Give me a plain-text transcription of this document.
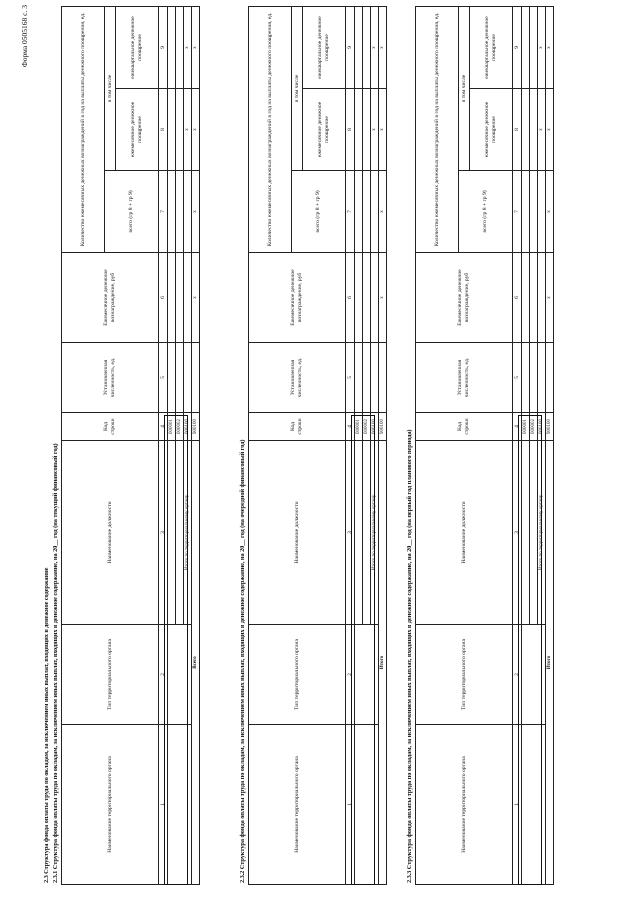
Форма 0505168 с. 3
2.3 Структура фонда оплаты труда по окладам, за исключением иных выплат, входящих в денежное содержание 2.3.1 Структура фонда оплаты труда по окладам, за исключением иных выплат, входящих в денежное содержание, на 20__ год (на текущий финансовый год)	Наименование территориального органа	Тип территориального органа	Наименование должности	Код строки	Установленная численность, ед.	Ежемесячное денежное вознаграждение, руб	Количество ежемесячных денежных вознаграждений в год на выплаты денежного поощрения, ед.		
						всего (гр 8 + гр 9)	в том числе	
							ежемесячное денежное поощрение	ежеквартальное денежное поощрение
1	2	3	4	5	6	7	8	9
			000001					
			000002					
		Итого по территориальному органу	000100				x	x
Всего			900100		x	x	x	x
2.3.2 Структура фонда оплаты труда по окладам, за исключением иных выплат, входящих в денежное содержание, на 20__ год (на очередной финансовый год)	Наименование территориального органа	Тип территориального органа	Наименование должности	Код строки	Установленная численность, ед.	Ежемесячное денежное вознаграждение, руб	Количество ежемесячных денежных вознаграждений в год на выплаты денежного поощрения, ед.		
						всего (гр 8 + гр 9)	в том числе	
							ежемесячное денежное поощрение	ежеквартальное денежное поощрение
1	2	3	4	5	6	7	8	9
			000001					
			000002					
		Итого по территориальному органу	000100				x	x
Итого			900100		x	x	x	x
2.3.3 Структура фонда оплаты труда по окладам, за исключением иных выплат, входящих в денежное содержание, на 20__ год (на первый год планового периода)	Наименование территориального органа	Тип территориального органа	Наименование должности	Код строки	Установленная численность, ед.	Ежемесячное денежное вознаграждение, руб	Количество ежемесячных денежных вознаграждений в год на выплаты денежного поощрения, ед.		
						всего (гр 8 + гр 9)	в том числе	
							ежемесячное денежное поощрение	ежеквартальное денежное поощрение
1	2	3	4	5	6	7	8	9
			000001					
			000002					
		Итого по территориальному органу	000100				x	x
Итого			900100		x	x	x	x
